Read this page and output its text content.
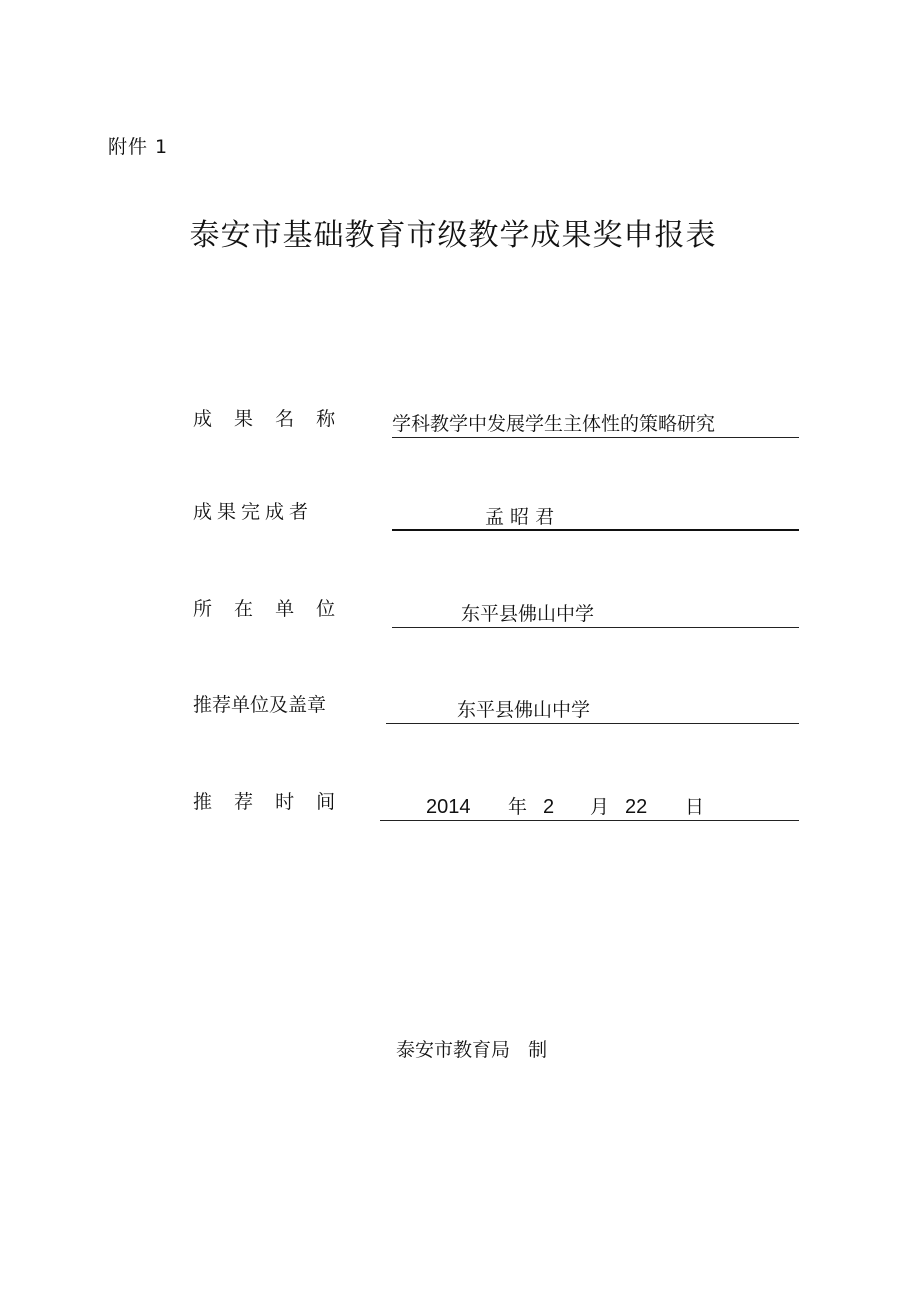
附件 1
泰安市基础教育市级教学成果奖申报表
成 果 名 称	学科教学中发展学生主体性的策略研究
成果完成者	孟 昭 君
所 在 单 位	东平县佛山中学
推荐单位及盖章	东平县佛山中学
推 荐 时 间	2014 年 2 月 22 日
泰安市教育局 制
